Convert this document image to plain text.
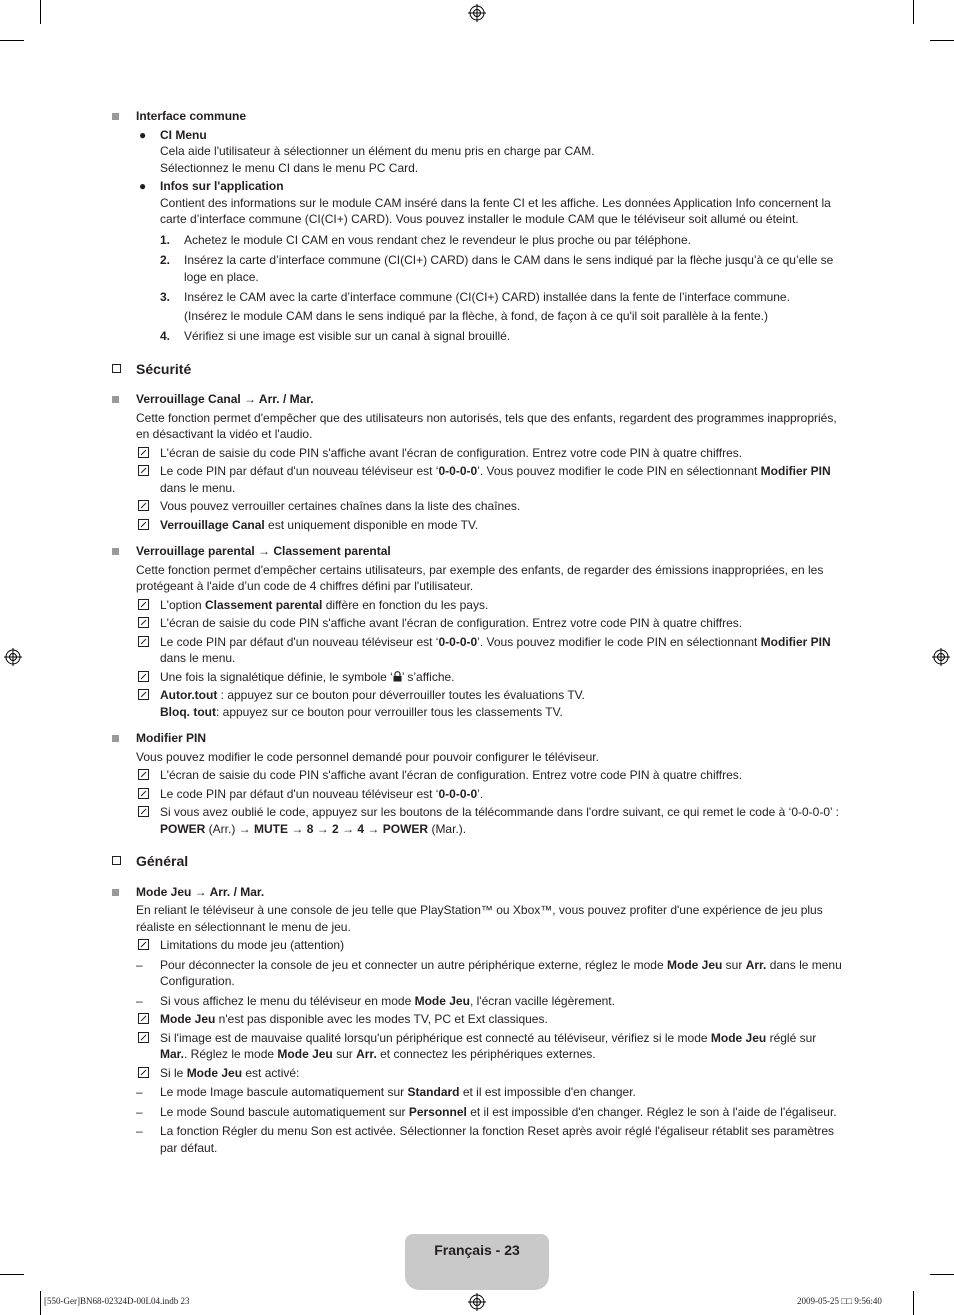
Interface commune
● CI Menu
Cela aide l'utilisateur à sélectionner un élément du menu pris en charge par CAM.
Sélectionnez le menu CI dans le menu PC Card.
● Infos sur l'application
Contient des informations sur le module CAM inséré dans la fente CI et les affiche. Les données Application Info concernent la carte d’interface commune (CI(CI+) CARD). Vous pouvez installer le module CAM que le téléviseur soit allumé ou éteint.
1. Achetez le module CI CAM en vous rendant chez le revendeur le plus proche ou par téléphone.
2. Insérez la carte d’interface commune (CI(CI+) CARD) dans le CAM dans le sens indiqué par la flèche jusqu’à ce qu’elle se loge en place.
3. Insérez le CAM avec la carte d’interface commune (CI(CI+) CARD) installée dans la fente de l’interface commune.
(Insérez le module CAM dans le sens indiqué par la flèche, à fond, de façon à ce qu'il soit parallèle à la fente.)
4. Vérifiez si une image est visible sur un canal à signal brouillé.
Sécurité
Verrouillage Canal → Arr. / Mar.
Cette fonction permet d'empêcher que des utilisateurs non autorisés, tels que des enfants, regardent des programmes inappropriés, en désactivant la vidéo et l'audio.
L'écran de saisie du code PIN s'affiche avant l'écran de configuration. Entrez votre code PIN à quatre chiffres.
Le code PIN par défaut d'un nouveau téléviseur est ‘0-0-0-0’. Vous pouvez modifier le code PIN en sélectionnant Modifier PIN dans le menu.
Vous pouvez verrouiller certaines chaînes dans la liste des chaînes.
Verrouillage Canal est uniquement disponible en mode TV.
Verrouillage parental → Classement parental
Cette fonction permet d'empêcher certains utilisateurs, par exemple des enfants, de regarder des émissions inappropriées, en les protégeant à l'aide d’un code de 4 chiffres défini par l'utilisateur.
L'option Classement parental diffère en fonction du les pays.
L'écran de saisie du code PIN s'affiche avant l'écran de configuration. Entrez votre code PIN à quatre chiffres.
Le code PIN par défaut d'un nouveau téléviseur est ‘0-0-0-0’. Vous pouvez modifier le code PIN en sélectionnant Modifier PIN dans le menu.
Une fois la signalétique définie, le symbole ‘ ’ s’affiche.
Autor.tout : appuyez sur ce bouton pour déverrouiller toutes les évaluations TV.
Bloq. tout: appuyez sur ce bouton pour verrouiller tous les classements TV.
Modifier PIN
Vous pouvez modifier le code personnel demandé pour pouvoir configurer le téléviseur.
L'écran de saisie du code PIN s'affiche avant l'écran de configuration. Entrez votre code PIN à quatre chiffres.
Le code PIN par défaut d'un nouveau téléviseur est ‘0-0-0-0’.
Si vous avez oublié le code, appuyez sur les boutons de la télécommande dans l'ordre suivant, ce qui remet le code à ‘0-0-0-0’ : POWER (Arr.) → MUTE → 8 → 2 → 4 → POWER (Mar.).
Général
Mode Jeu → Arr. / Mar.
En reliant le téléviseur à une console de jeu telle que PlayStation™ ou Xbox™, vous pouvez profiter d'une expérience de jeu plus réaliste en sélectionnant le menu de jeu.
Limitations du mode jeu (attention)
– Pour déconnecter la console de jeu et connecter un autre périphérique externe, réglez le mode Mode Jeu sur Arr. dans le menu Configuration.
– Si vous affichez le menu du téléviseur en mode Mode Jeu, l'écran vacille légèrement.
Mode Jeu n'est pas disponible avec les modes TV, PC et Ext classiques.
Si l'image est de mauvaise qualité lorsqu'un périphérique est connecté au téléviseur, vérifiez si le mode Mode Jeu réglé sur Mar.. Réglez le mode Mode Jeu sur Arr. et connectez les périphériques externes.
Si le Mode Jeu est activé:
– Le mode Image bascule automatiquement sur Standard et il est impossible d'en changer.
– Le mode Sound bascule automatiquement sur Personnel et il est impossible d'en changer. Réglez le son à l'aide de l'égaliseur.
– La fonction Régler du menu Son est activée. Sélectionner la fonction Reset après avoir réglé l'égaliseur rétablit ses paramètres par défaut.
Français - 23
[550-Ger]BN68-02324D-00L04.indb 23	2009-05-25 □□ 9:56:40
